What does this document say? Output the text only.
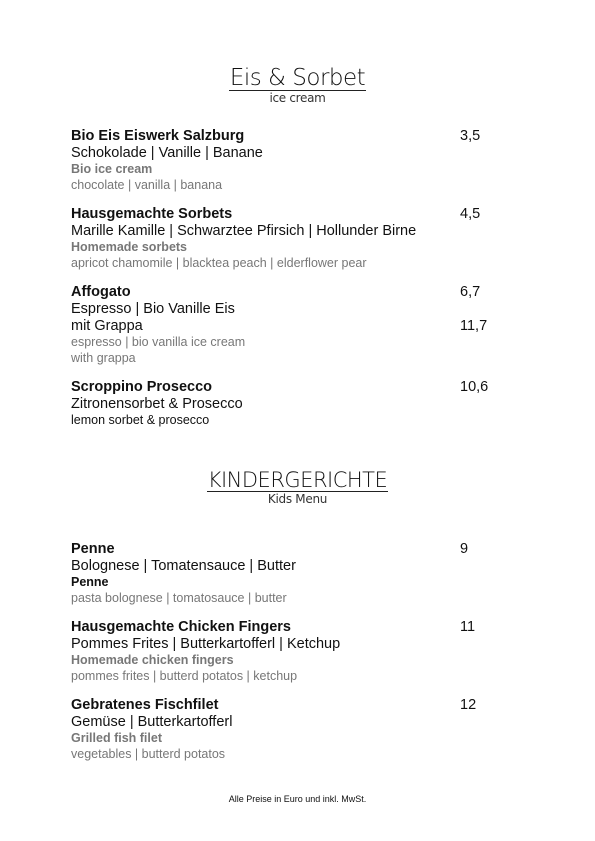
Eis & Sorbet
ice cream
Bio Eis Eiswerk Salzburg
Schokolade | Vanille | Banane
Bio ice cream
chocolate | vanilla | banana
3,5
Hausgemachte Sorbets
Marille Kamille | Schwarztee Pfirsich | Hollunder Birne
Homemade sorbets
apricot chamomile | blacktea peach | elderflower pear
4,5
Affogato
Espresso | Bio Vanille Eis
mit Grappa
espresso | bio vanilla ice cream
with grappa
6,7
11,7
Scroppino Prosecco
Zitronensorbet & Prosecco
lemon sorbet & prosecco
10,6
KINDERGERICHTE
Kids Menu
Penne
Bolognese | Tomatensauce | Butter
Penne
pasta bolognese | tomatosauce | butter
9
Hausgemachte Chicken Fingers
Pommes Frites | Butterkartofferl | Ketchup
Homemade chicken fingers
pommes frites | butterd potatos | ketchup
11
Gebratenes Fischfilet
Gemüse | Butterkartofferl
Grilled fish filet
vegetables | butterd potatos
12
Alle Preise in Euro und inkl. MwSt.
